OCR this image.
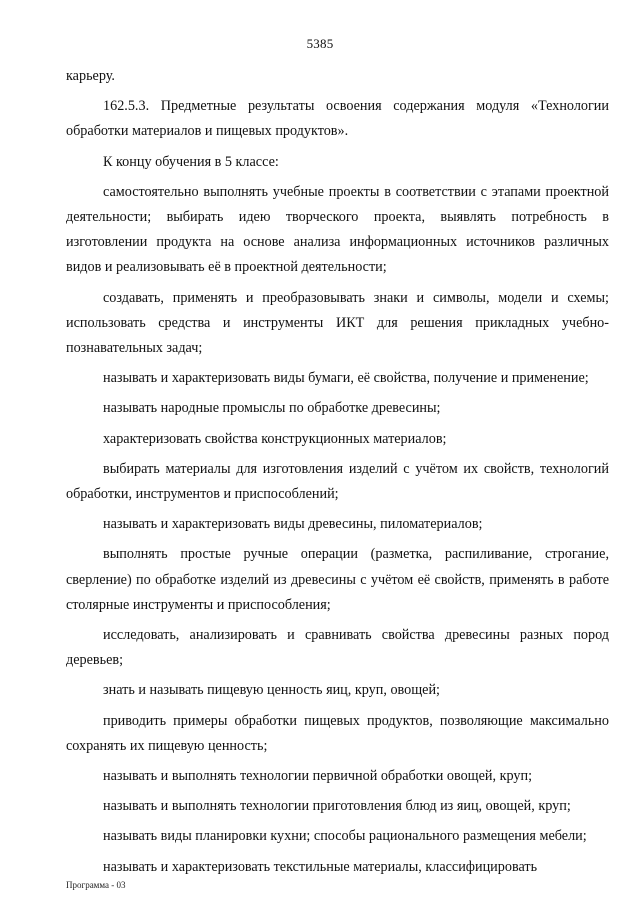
5385

карьеру.

162.5.3. Предметные результаты освоения содержания модуля «Технологии обработки материалов и пищевых продуктов».

К концу обучения в 5 классе:

самостоятельно выполнять учебные проекты в соответствии с этапами проектной деятельности; выбирать идею творческого проекта, выявлять потребность в изготовлении продукта на основе анализа информационных источников различных видов и реализовывать её в проектной деятельности;

создавать, применять и преобразовывать знаки и символы, модели и схемы; использовать средства и инструменты ИКТ для решения прикладных учебно-познавательных задач;

называть и характеризовать виды бумаги, её свойства, получение и применение;

называть народные промыслы по обработке древесины;

характеризовать свойства конструкционных материалов;

выбирать материалы для изготовления изделий с учётом их свойств, технологий обработки, инструментов и приспособлений;

называть и характеризовать виды древесины, пиломатериалов;

выполнять простые ручные операции (разметка, распиливание, строгание, сверление) по обработке изделий из древесины с учётом её свойств, применять в работе столярные инструменты и приспособления;

исследовать, анализировать и сравнивать свойства древесины разных пород деревьев;

знать и называть пищевую ценность яиц, круп, овощей;

приводить примеры обработки пищевых продуктов, позволяющие максимально сохранять их пищевую ценность;

называть и выполнять технологии первичной обработки овощей, круп;

называть и выполнять технологии приготовления блюд из яиц, овощей, круп;

называть виды планировки кухни; способы рационального размещения мебели;

называть и характеризовать текстильные материалы, классифицировать

Программа - 03
